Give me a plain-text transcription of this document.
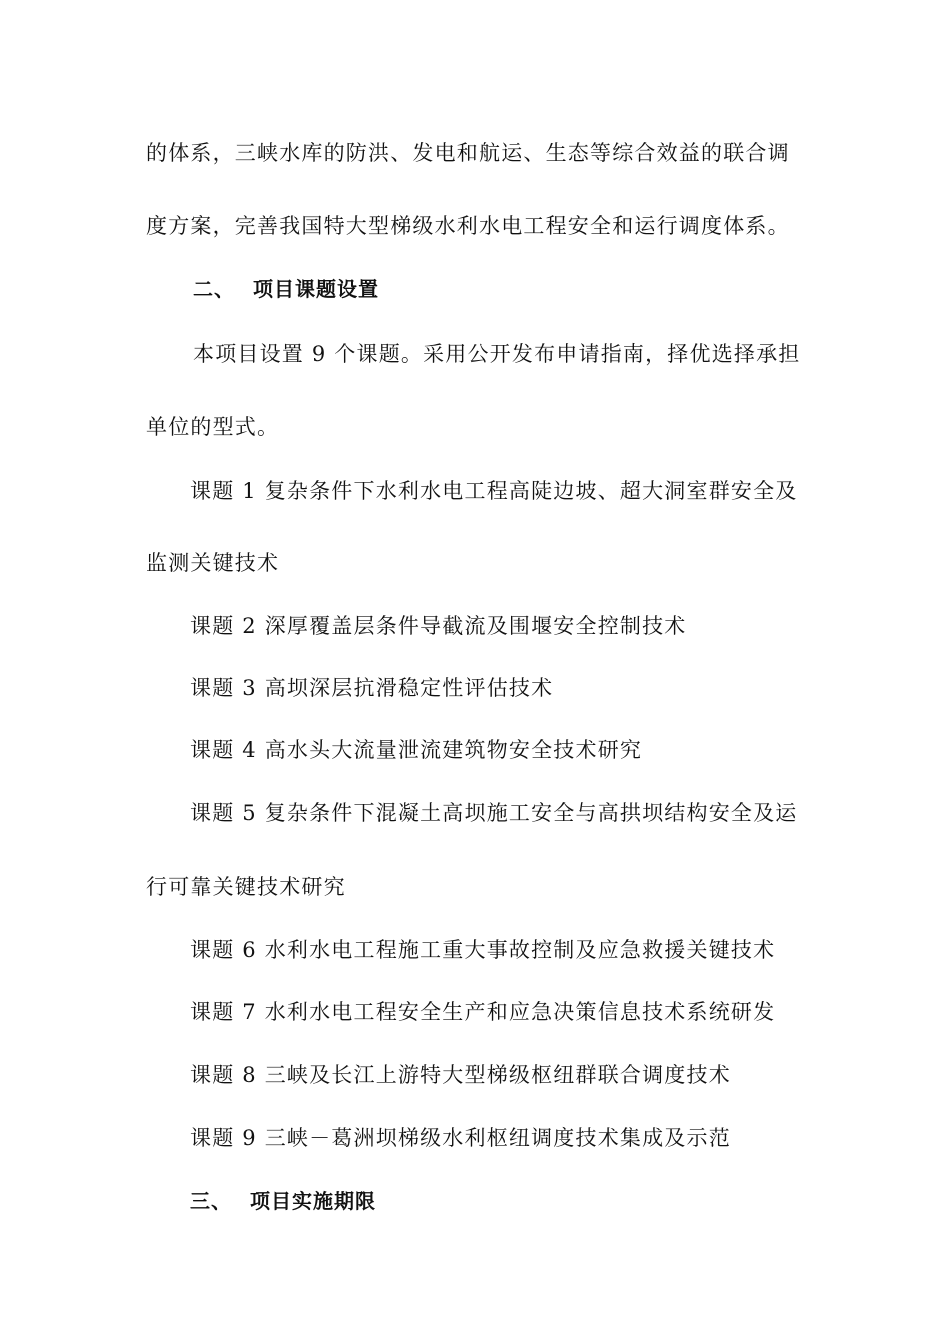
的体系，三峡水库的防洪、发电和航运、生态等综合效益的联合调
度方案，完善我国特大型梯级水利水电工程安全和运行调度体系。
二、 项目课题设置
本项目设置 9 个课题。采用公开发布申请指南，择优选择承担
单位的型式。
课题 1 复杂条件下水利水电工程高陡边坡、超大洞室群安全及
监测关键技术
课题 2 深厚覆盖层条件导截流及围堰安全控制技术
课题 3 高坝深层抗滑稳定性评估技术
课题 4 高水头大流量泄流建筑物安全技术研究
课题 5 复杂条件下混凝土高坝施工安全与高拱坝结构安全及运
行可靠关键技术研究
课题 6 水利水电工程施工重大事故控制及应急救援关键技术
课题 7 水利水电工程安全生产和应急决策信息技术系统研发
课题 8 三峡及长江上游特大型梯级枢纽群联合调度技术
课题 9 三峡－葛洲坝梯级水利枢纽调度技术集成及示范
三、 项目实施期限
